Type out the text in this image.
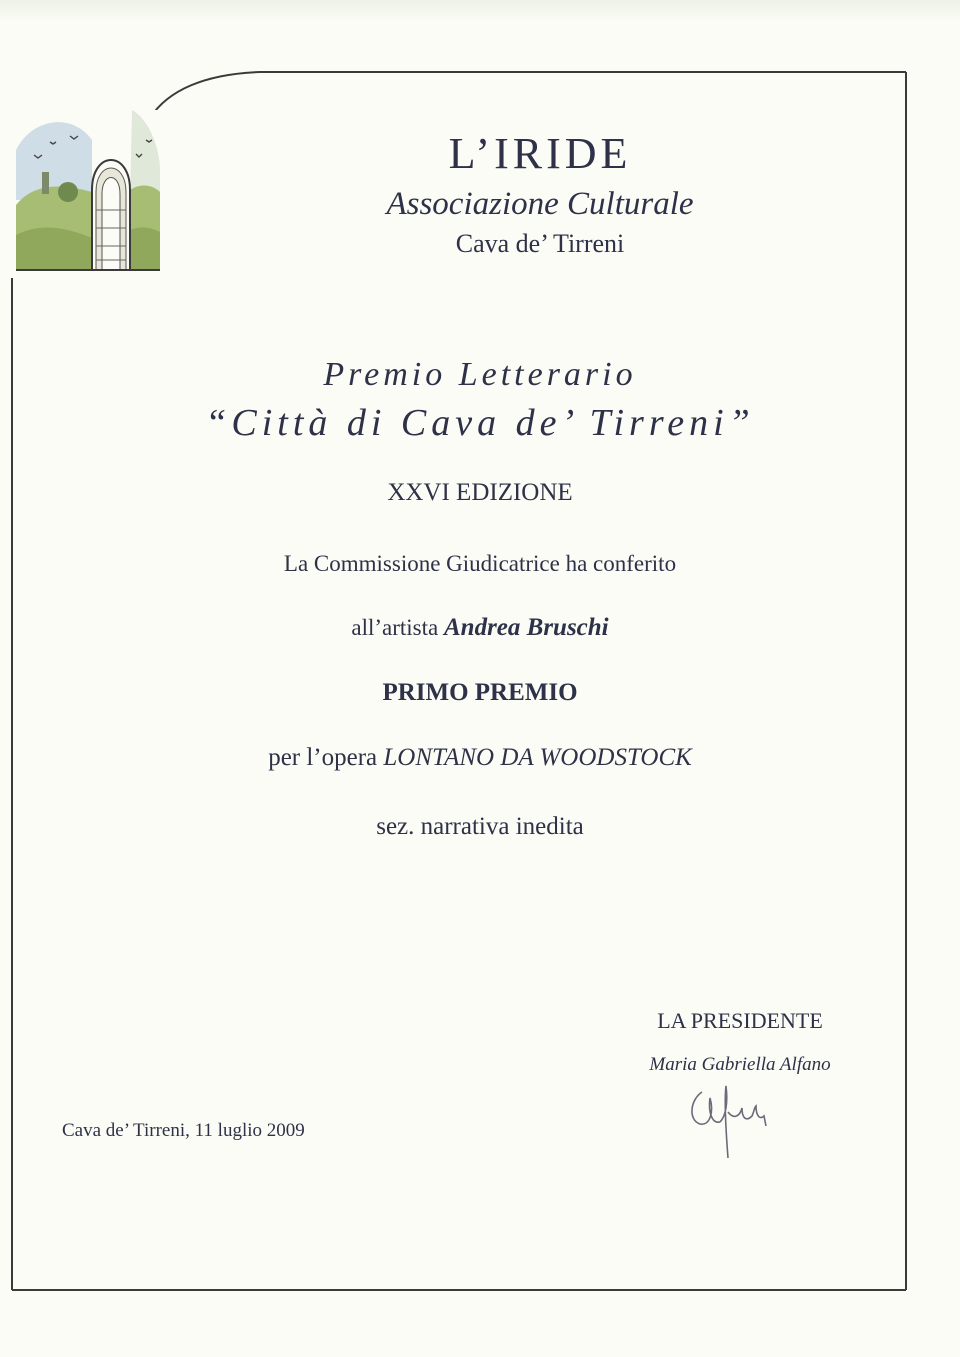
L’IRIDE
Associazione Culturale
Cava de’ Tirreni
Premio Letterario
“Città di Cava de’ Tirreni”
XXVI EDIZIONE
La Commissione Giudicatrice ha conferito
all’artista Andrea Bruschi
PRIMO PREMIO
per l’opera LONTANO DA WOODSTOCK
sez. narrativa inedita
LA PRESIDENTE
Maria Gabriella Alfano
Cava de’ Tirreni, 11 luglio 2009
